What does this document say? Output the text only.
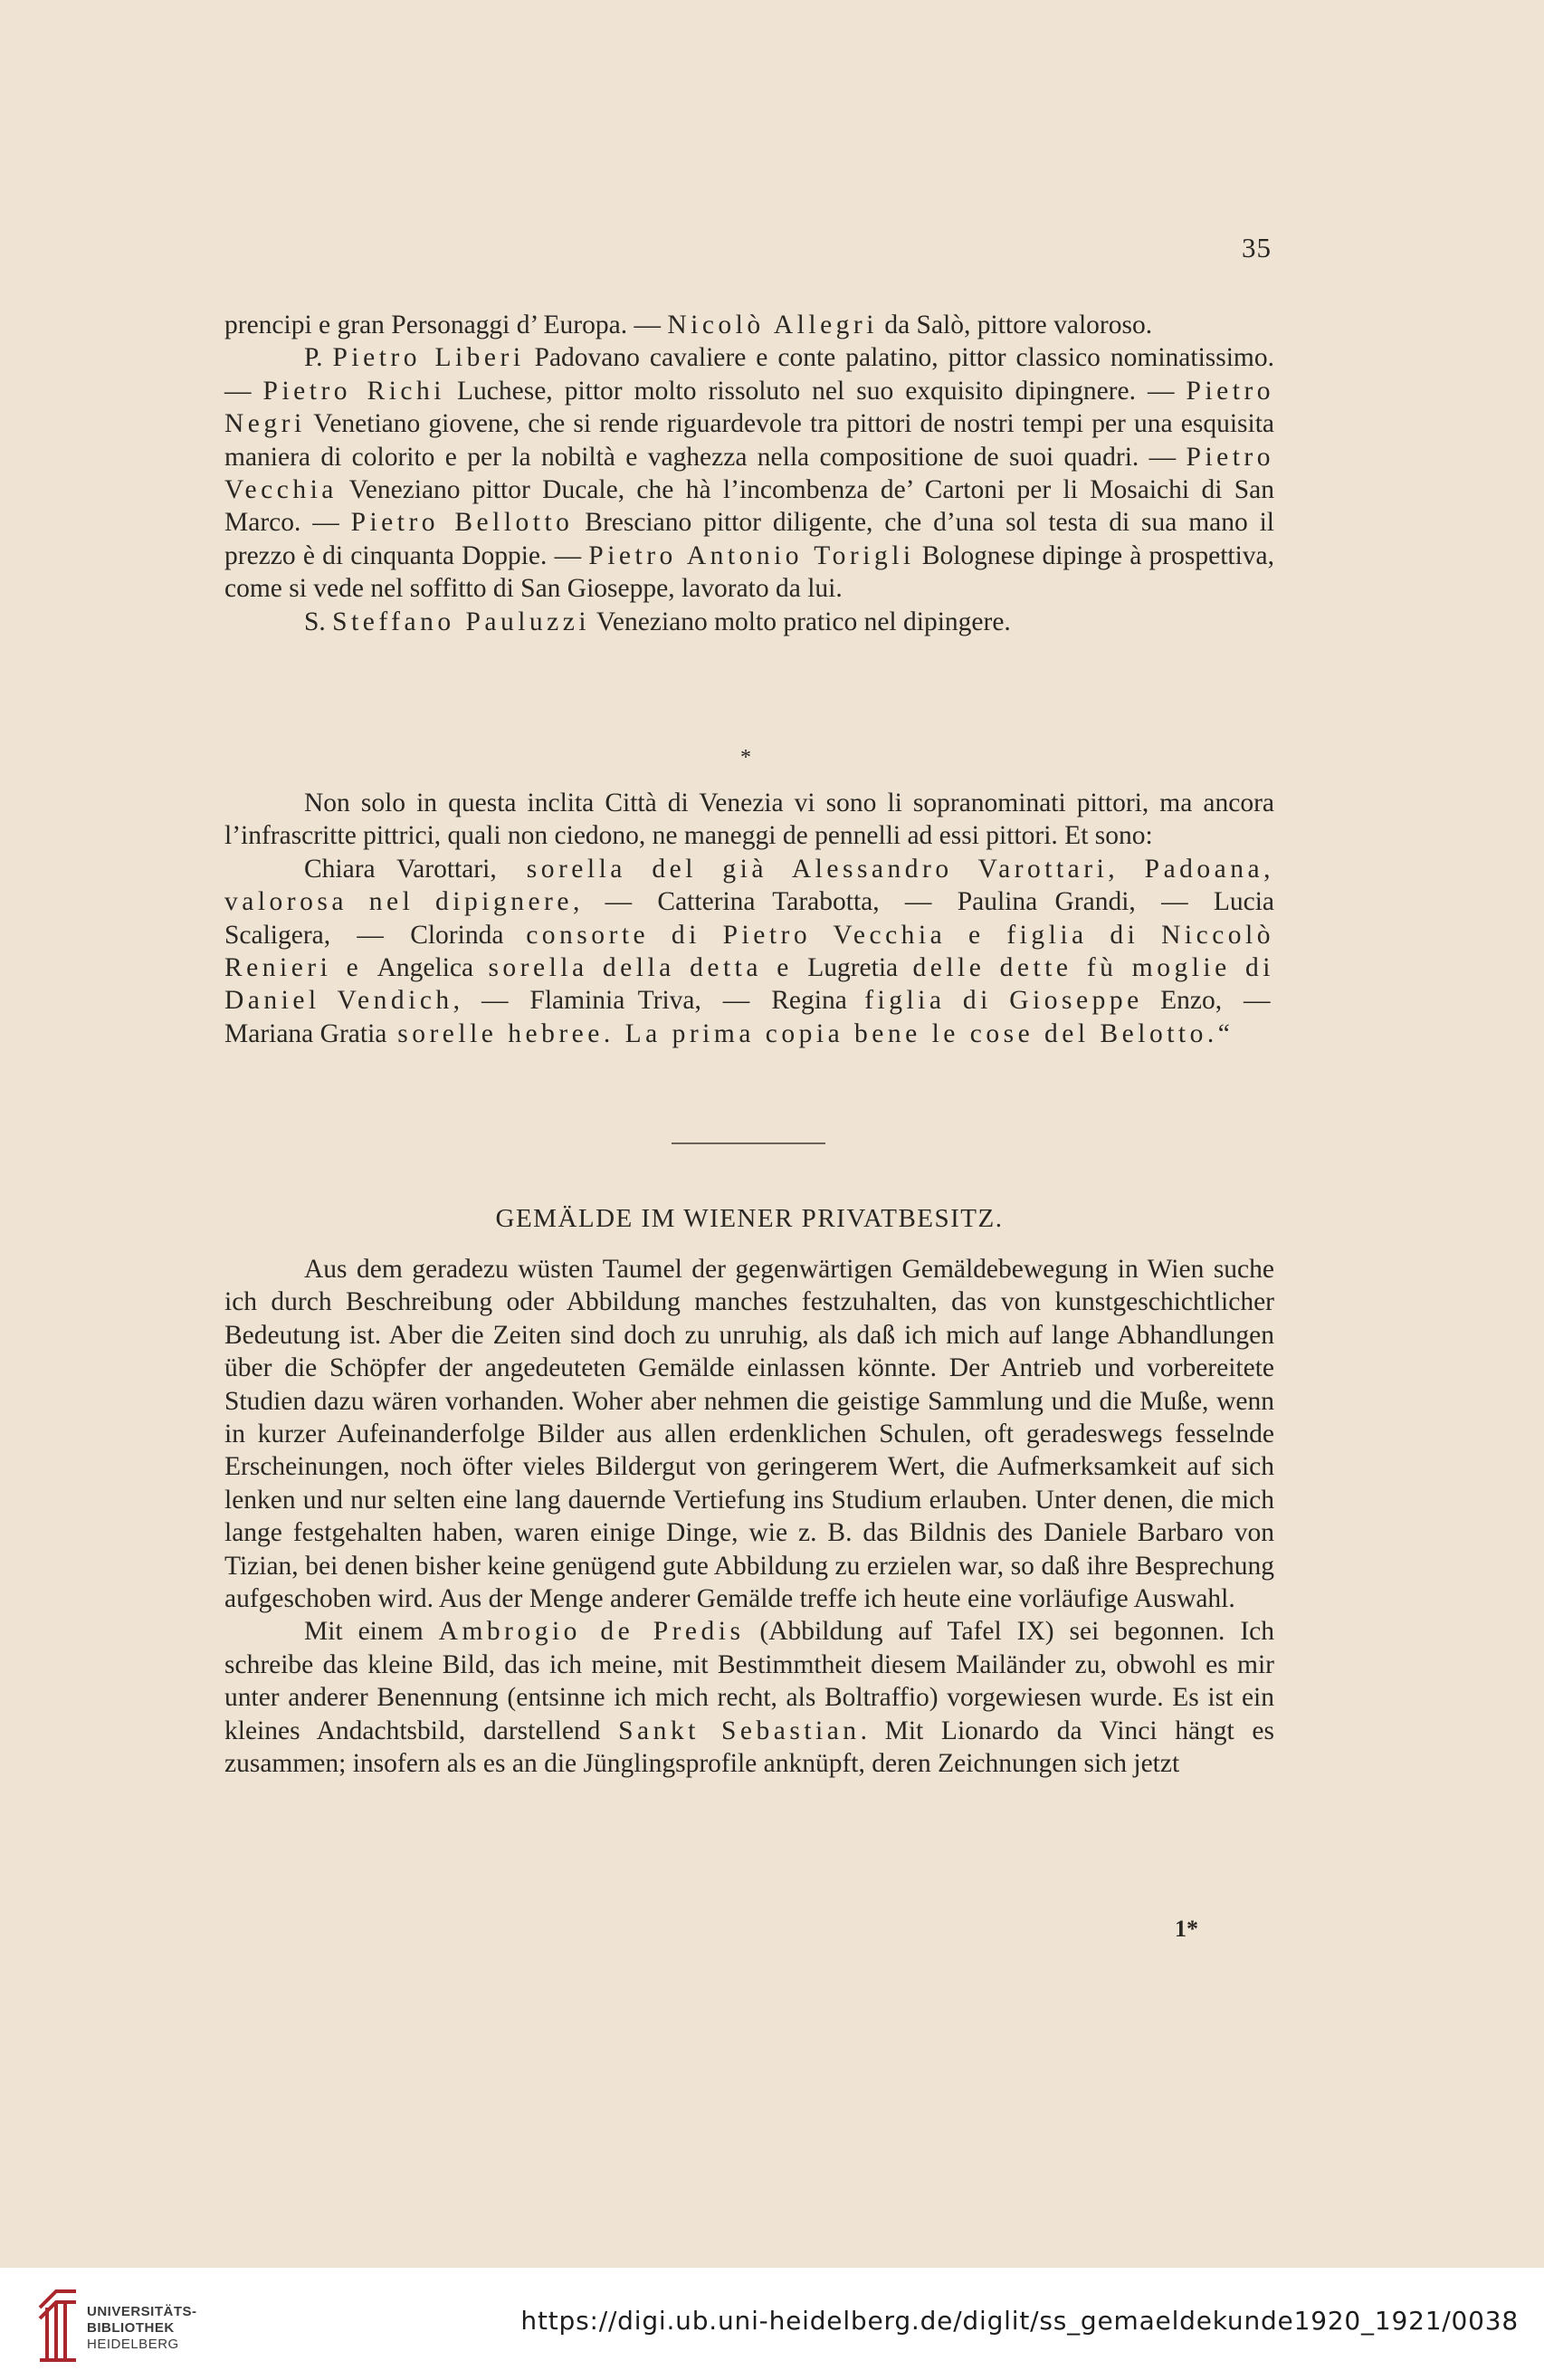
35

prencipi e gran Personaggi d’ Europa. — Nicolò Allegri da Salò, pittore valoroso.

P. Pietro Liberi Padovano cavaliere e conte palatino, pittor classico nominatissimo. — Pietro Richi Luchese, pittor molto rissoluto nel suo exquisito dipingnere. — Pietro Negri Venetiano giovene, che si rende riguardevole tra pittori de nostri tempi per una esquisita maniera di colorito e per la nobiltà e vaghezza nella compositione de suoi quadri. — Pietro Vecchia Veneziano pittor Ducale, che hà l’incombenza de’ Cartoni per li Mosaichi di San Marco. — Pietro Bellotto Bresciano pittor diligente, che d’una sol testa di sua mano il prezzo è di cinquanta Doppie. — Pietro Antonio Torigli Bolognese dipinge à prospettiva, come si vede nel soffitto di San Gioseppe, lavorato da lui.

S. Steffano Pauluzzi Veneziano molto pratico nel dipingere.

*

Non solo in questa inclita Città di Venezia vi sono li sopranominati pittori, ma ancora l’infrascritte pittrici, quali non ciedono, ne maneggi de pennelli ad essi pittori. Et sono:

Chiara Varottari, sorella del già Alessandro Varottari, Padoana, valorosa nel dipignere, — Catterina Tarabotta, — Paulina Grandi, — Lucia Scaligera, — Clorinda consorte di Pietro Vecchia e figlia di Niccolò Renieri e Angelica sorella della detta e Lugretia delle dette fù moglie di Daniel Vendich, — Flaminia Triva, — Regina figlia di Gioseppe Enzo, — Mariana Gratia sorelle hebree. La prima copia bene le cose del Belotto.“

GEMÄLDE IM WIENER PRIVATBESITZ.

Aus dem geradezu wüsten Taumel der gegenwärtigen Gemäldebewegung in Wien suche ich durch Beschreibung oder Abbildung manches festzuhalten, das von kunstgeschichtlicher Bedeutung ist. Aber die Zeiten sind doch zu unruhig, als daß ich mich auf lange Abhandlungen über die Schöpfer der angedeuteten Gemälde einlassen könnte. Der Antrieb und vorbereitete Studien dazu wären vorhanden. Woher aber nehmen die geistige Sammlung und die Muße, wenn in kurzer Aufeinanderfolge Bilder aus allen erdenklichen Schulen, oft geradeswegs fesselnde Erscheinungen, noch öfter vieles Bildergut von geringerem Wert, die Aufmerksamkeit auf sich lenken und nur selten eine lang dauernde Vertiefung ins Studium erlauben. Unter denen, die mich lange festgehalten haben, waren einige Dinge, wie z. B. das Bildnis des Daniele Barbaro von Tizian, bei denen bisher keine genügend gute Abbildung zu erzielen war, so daß ihre Besprechung aufgeschoben wird. Aus der Menge anderer Gemälde treffe ich heute eine vorläufige Auswahl.

Mit einem Ambrogio de Predis (Abbildung auf Tafel IX) sei begonnen. Ich schreibe das kleine Bild, das ich meine, mit Bestimmtheit diesem Mailänder zu, obwohl es mir unter anderer Benennung (entsinne ich mich recht, als Boltraffio) vorgewiesen wurde. Es ist ein kleines Andachtsbild, darstellend Sankt Sebastian. Mit Lionardo da Vinci hängt es zusammen; insofern als es an die Jünglingsprofile anknüpft, deren Zeichnungen sich jetzt

1*
UNIVERSITÄTS-
BIBLIOTHEK
HEIDELBERG
https://digi.ub.uni-heidelberg.de/diglit/ss_gemaeldekunde1920_1921/0038
